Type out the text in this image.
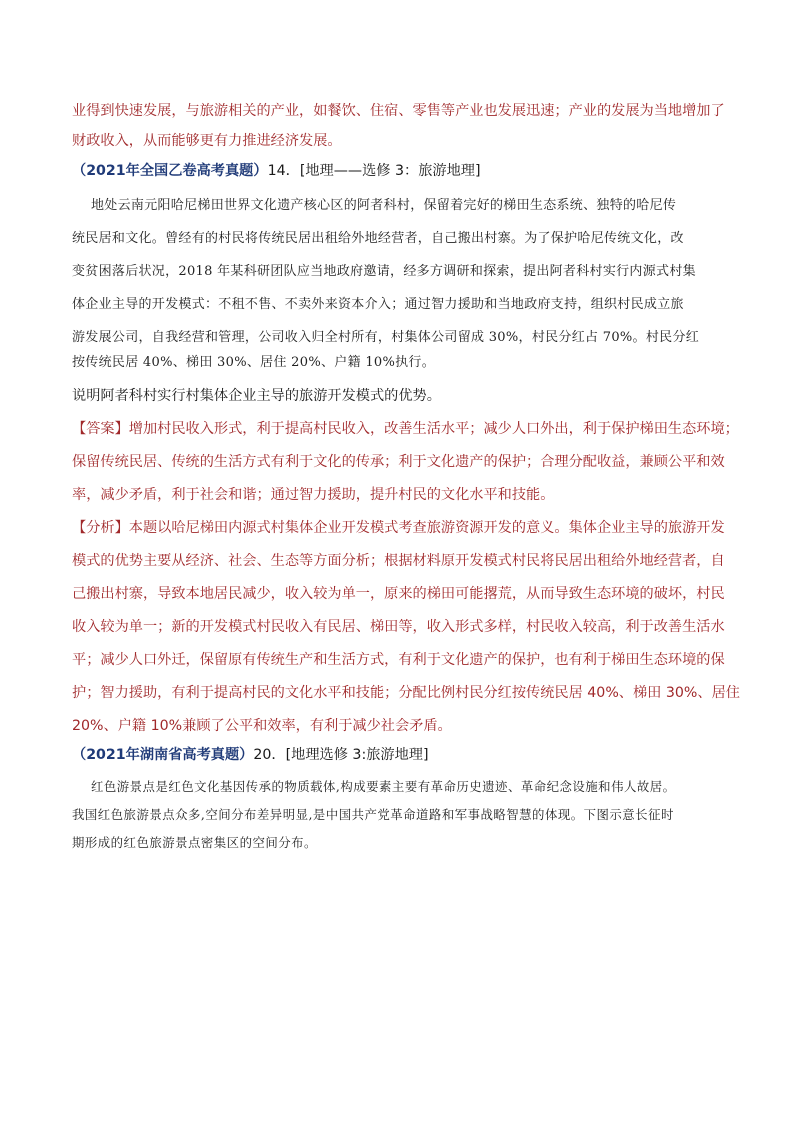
业得到快速发展，与旅游相关的产业，如餐饮、住宿、零售等产业也发展迅速；产业的发展为当地增加了
财政收入，从而能够更有力推进经济发展。
（2021年全国乙卷高考真题）14．[地理——选修 3：旅游地理]
地处云南元阳哈尼梯田世界文化遗产核心区的阿者科村，保留着完好的梯田生态系统、独特的哈尼传
统民居和文化。曾经有的村民将传统民居出租给外地经营者，自己搬出村寨。为了保护哈尼传统文化，改
变贫困落后状况，2018 年某科研团队应当地政府邀请，经多方调研和探索，提出阿者科村实行内源式村集
体企业主导的开发模式：不租不售、不卖外来资本介入；通过智力援助和当地政府支持，组织村民成立旅
游发展公司，自我经营和管理，公司收入归全村所有，村集体公司留成 30%，村民分红占 70%。村民分红
按传统民居 40%、梯田 30%、居住 20%、户籍 10%执行。
说明阿者科村实行村集体企业主导的旅游开发模式的优势。
【答案】增加村民收入形式，利于提高村民收入，改善生活水平；减少人口外出，利于保护梯田生态环境；
保留传统民居、传统的生活方式有利于文化的传承；利于文化遗产的保护；合理分配收益，兼顾公平和效
率，减少矛盾，利于社会和谐；通过智力援助，提升村民的文化水平和技能。
【分析】本题以哈尼梯田内源式村集体企业开发模式考查旅游资源开发的意义。集体企业主导的旅游开发
模式的优势主要从经济、社会、生态等方面分析；根据材料原开发模式村民将民居出租给外地经营者，自
己搬出村寨，导致本地居民减少，收入较为单一，原来的梯田可能撂荒，从而导致生态环境的破坏，村民
收入较为单一；新的开发模式村民收入有民居、梯田等，收入形式多样，村民收入较高，利于改善生活水
平；减少人口外迁，保留原有传统生产和生活方式，有利于文化遗产的保护，也有利于梯田生态环境的保
护；智力援助，有利于提高村民的文化水平和技能；分配比例村民分红按传统民居 40%、梯田 30%、居住
20%、户籍 10%兼顾了公平和效率，有利于减少社会矛盾。
（2021年湖南省高考真题）20．[地理选修 3:旅游地理]
红色游景点是红色文化基因传承的物质载体,构成要素主要有革命历史遗迹、革命纪念设施和伟人故居。
我国红色旅游景点众多,空间分布差异明显,是中国共产党革命道路和军事战略智慧的体现。下图示意长征时
期形成的红色旅游景点密集区的空间分布。
